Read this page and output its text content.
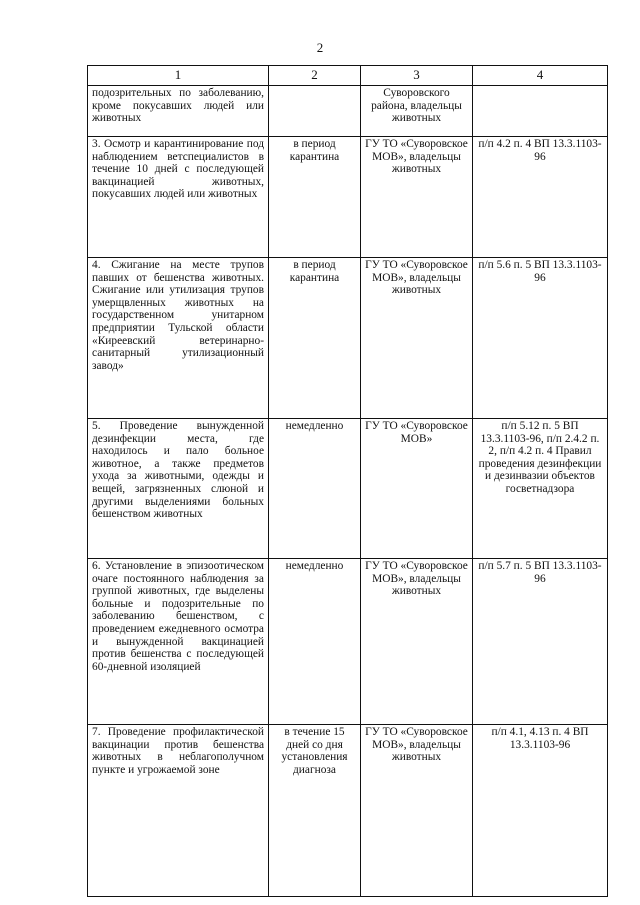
2
1	2	3	4
подозрительных по заболеванию, кроме покусавших людей или животных		Суворовского района, владельцы животных	
3. Осмотр и карантинирование под наблюдением ветспециалистов в течение 10 дней с последующей вакцинацией животных, покусавших людей или животных	в период карантина	ГУ ТО «Суворовское МОВ», владельцы животных	п/п 4.2 п. 4 ВП 13.3.1103-96
4. Сжигание на месте трупов павших от бешенства животных. Сжигание или утилизация трупов умерщвленных животных на государственном унитарном предприятии Тульской области «Киреевский ветеринарно-санитарный утилизационный завод»	в период карантина	ГУ ТО «Суворовское МОВ», владельцы животных	п/п 5.6 п. 5 ВП 13.3.1103-96
5. Проведение вынужденной дезинфекции места, где находилось и пало больное животное, а также предметов ухода за животными, одежды и вещей, загрязненных слюной и другими выделениями больных бешенством животных	немедленно	ГУ ТО «Суворовское МОВ»	п/п 5.12 п. 5 ВП 13.3.1103-96, п/п 2.4.2 п. 2, п/п 4.2 п. 4 Правил проведения дезинфекции и дезинвазии объектов госветнадзора
6. Установление в эпизоотическом очаге постоянного наблюдения за группой животных, где выделены больные и подозрительные по заболеванию бешенством, с проведением ежедневного осмотра и вынужденной вакцинацией против бешенства с последующей 60-дневной изоляцией	немедленно	ГУ ТО «Суворовское МОВ», владельцы животных	п/п 5.7 п. 5 ВП 13.3.1103-96
7. Проведение профилактической вакцинации против бешенства животных в неблагополучном пункте и угрожаемой зоне	в течение 15 дней со дня установления диагноза	ГУ ТО «Суворовское МОВ», владельцы животных	п/п 4.1, 4.13 п. 4 ВП 13.3.1103-96
